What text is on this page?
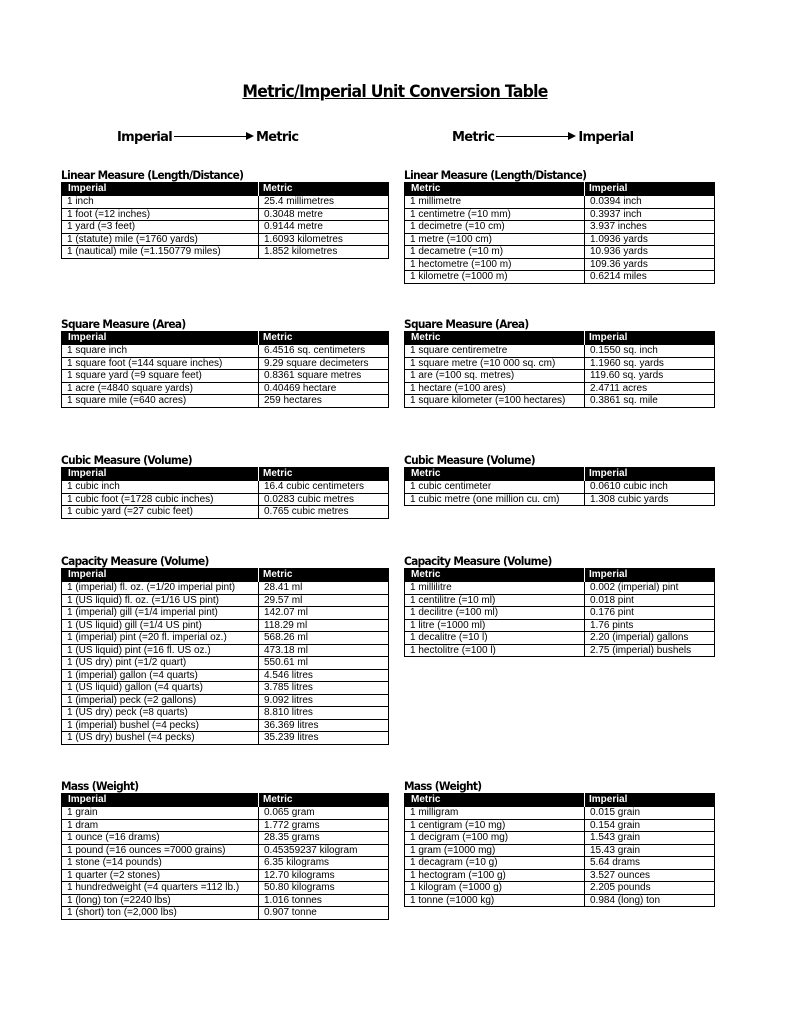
Metric/Imperial Unit Conversion Table
Imperial	Metric	Metric	Imperial
Linear Measure (Length/Distance)
Imperial	Metric
1 inch	25.4 millimetres
1 foot (=12 inches)	0.3048 metre
1 yard (=3 feet)	0.9144 metre
1 (statute) mile (=1760 yards)	1.6093 kilometres
1 (nautical) mile (=1.150779 miles)	1.852 kilometres
Square Measure (Area)
Imperial	Metric
1 square inch	6.4516 sq. centimeters
1 square foot (=144 square inches)	9.29 square decimeters
1 square yard (=9 square feet)	0.8361 square metres
1 acre (=4840 square yards)	0.40469 hectare
1 square mile (=640 acres)	259 hectares
Cubic Measure (Volume)
Imperial	Metric
1 cubic inch	16.4 cubic centimeters
1 cubic foot (=1728 cubic inches)	0.0283 cubic metres
1 cubic yard (=27 cubic feet)	0.765 cubic metres
Capacity Measure (Volume)
Imperial	Metric
1 (imperial) fl. oz. (=1/20 imperial pint)	28.41 ml
1 (US liquid) fl. oz. (=1/16 US pint)	29.57 ml
1 (imperial) gill (=1/4 imperial pint)	142.07 ml
1 (US liquid) gill (=1/4 US pint)	118.29 ml
1 (imperial) pint (=20 fl. imperial oz.)	568.26 ml
1 (US liquid) pint (=16 fl. US oz.)	473.18 ml
1 (US dry) pint (=1/2 quart)	550.61 ml
1 (imperial) gallon (=4 quarts)	4.546 litres
1 (US liquid) gallon (=4 quarts)	3.785 litres
1 (imperial) peck (=2 gallons)	9.092 litres
1 (US dry) peck (=8 quarts)	8.810 litres
1 (imperial) bushel (=4 pecks)	36.369 litres
1 (US dry) bushel (=4 pecks)	35.239 litres
Mass (Weight)
Imperial	Metric
1 grain	0.065 gram
1 dram	1.772 grams
1 ounce (=16 drams)	28.35 grams
1 pound (=16 ounces =7000 grains)	0.45359237 kilogram
1 stone (=14 pounds)	6.35 kilograms
1 quarter (=2 stones)	12.70 kilograms
1 hundredweight (=4 quarters =112 lb.)	50.80 kilograms
1 (long) ton (=2240 lbs)	1.016 tonnes
1 (short) ton (=2,000 lbs)	0.907 tonne
Linear Measure (Length/Distance)
Metric	Imperial
1 millimetre	0.0394 inch
1 centimetre (=10 mm)	0.3937 inch
1 decimetre (=10 cm)	3.937 inches
1 metre (=100 cm)	1.0936 yards
1 decametre (=10 m)	10.936 yards
1 hectometre (=100 m)	109.36 yards
1 kilometre (=1000 m)	0.6214 miles
Square Measure (Area)
Metric	Imperial
1 square centiremetre	0.1550 sq. inch
1 square metre (=10 000 sq. cm)	1.1960 sq. yards
1 are (=100 sq. metres)	119.60 sq. yards
1 hectare (=100 ares)	2.4711 acres
1 square kilometer (=100 hectares)	0.3861 sq. mile
Cubic Measure (Volume)
Metric	Imperial
1 cubic centimeter	0.0610 cubic inch
1 cubic metre (one million cu. cm)	1.308 cubic yards
Capacity Measure (Volume)
Metric	Imperial
1 millilitre	0.002 (imperial) pint
1 centilitre (=10 ml)	0.018 pint
1 decilitre (=100 ml)	0.176 pint
1 litre (=1000 ml)	1.76 pints
1 decalitre (=10 l)	2.20 (imperial) gallons
1 hectolitre (=100 l)	2.75 (imperial) bushels
Mass (Weight)
Metric	Imperial
1 milligram	0.015 grain
1 centigram (=10 mg)	0.154 grain
1 decigram (=100 mg)	1.543 grain
1 gram (=1000 mg)	15.43 grain
1 decagram (=10 g)	5.64 drams
1 hectogram (=100 g)	3.527 ounces
1 kilogram (=1000 g)	2.205 pounds
1 tonne (=1000 kg)	0.984 (long) ton
